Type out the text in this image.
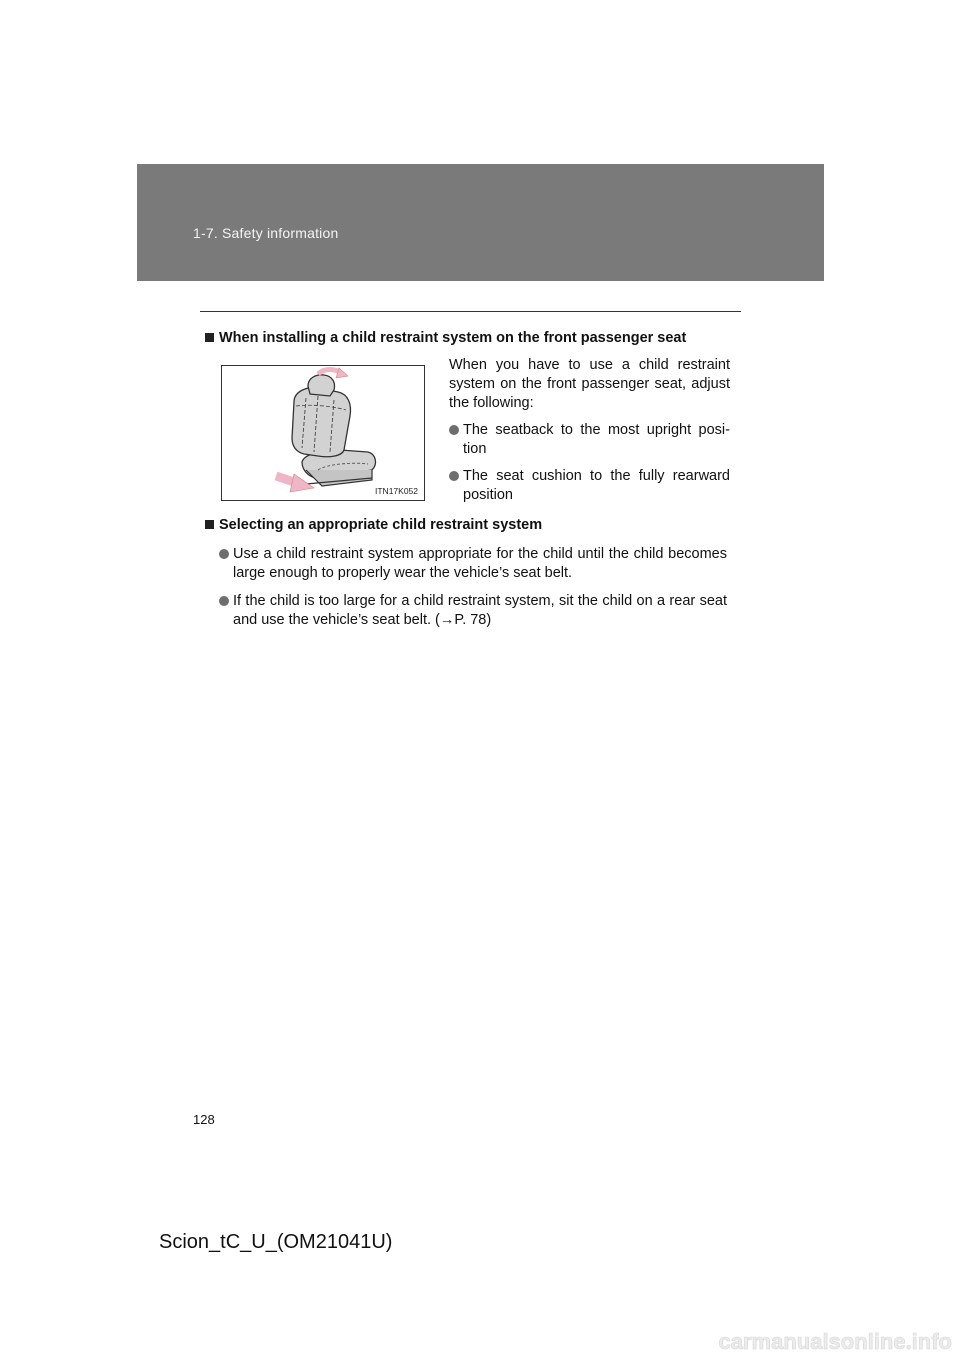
1-7. Safety information
When installing a child restraint system on the front passenger seat
ITN17K052

When you have to use a child restraint system on the front passenger seat, adjust the following:

The seatback to the most upright posi-tion
The seat cushion to the fully rearward position
Selecting an appropriate child restraint system
Use a child restraint system appropriate for the child until the child becomes large enough to properly wear the vehicle’s seat belt.
If the child is too large for a child restraint system, sit the child on a rear seat and use the vehicle’s seat belt. (→P. 78)
128
Scion_tC_U_(OM21041U)
carmanualsonline.info
